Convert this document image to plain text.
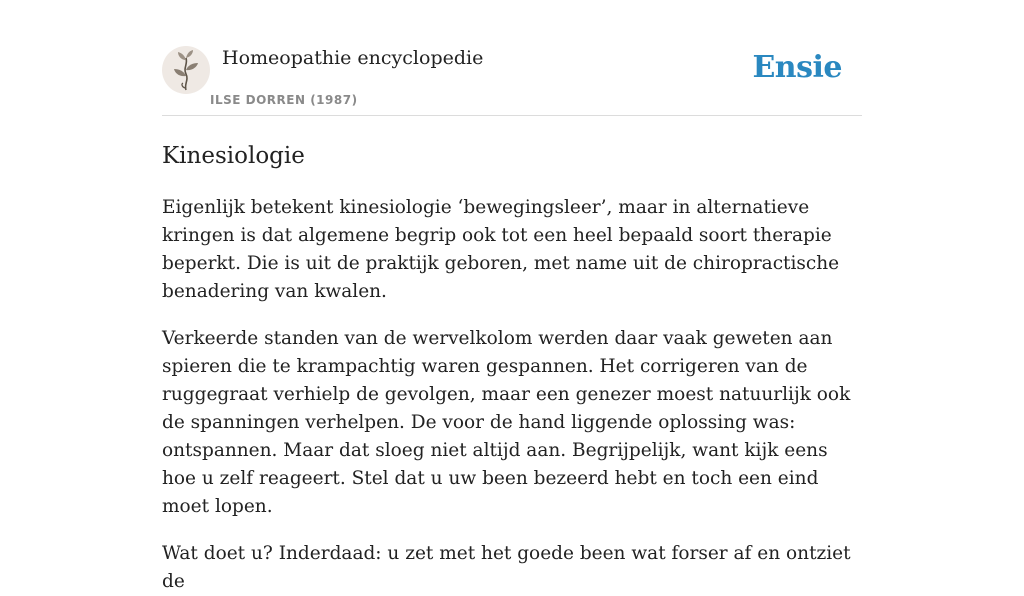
Homeopathie encyclopedie
ILSE DORREN (1987)
Ensie
Kinesiologie

Eigenlijk betekent kinesiologie ‘bewegingsleer’, maar in alternatieve kringen is dat algemene begrip ook tot een heel bepaald soort therapie beperkt. Die is uit de praktijk geboren, met name uit de chiropractische benadering van kwalen.

Verkeerde standen van de wervelkolom werden daar vaak geweten aan spieren die te krampachtig waren gespannen. Het corrigeren van de ruggegraat verhielp de gevolgen, maar een genezer moest natuurlijk ook de spanningen verhelpen. De voor de hand liggende oplossing was: ontspannen. Maar dat sloeg niet altijd aan. Begrijpelijk, want kijk eens hoe u zelf reageert. Stel dat u uw been bezeerd hebt en toch een eind moet lopen.

Wat doet u? Inderdaad: u zet met het goede been wat forser af en ontziet de
